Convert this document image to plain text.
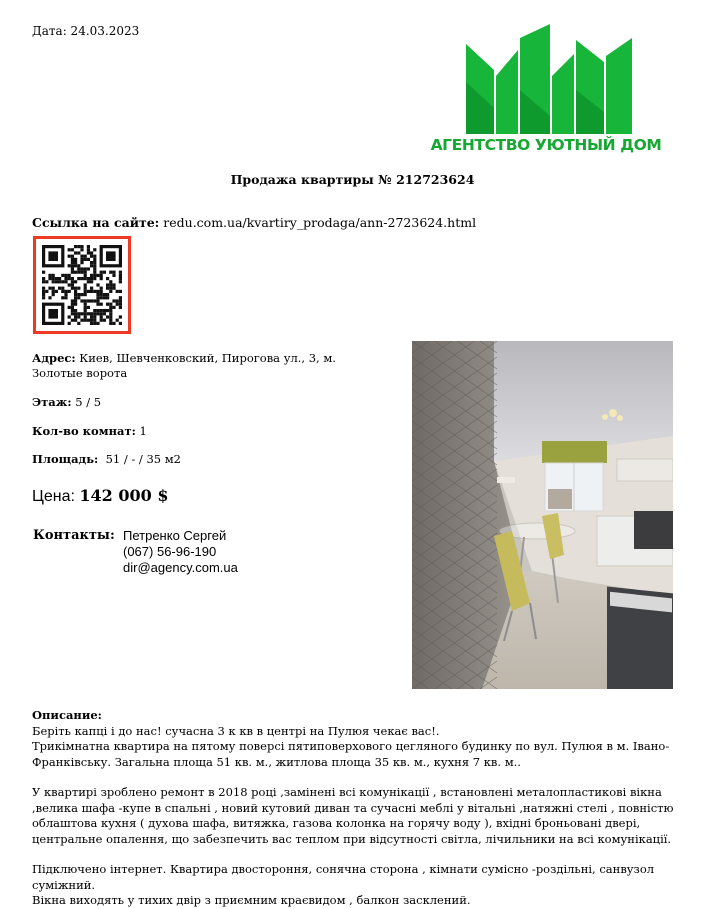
Дата: 24.03.2023
АГЕНТСТВО УЮТНЫЙ ДОМ
Продажа квартиры № 212723624
Ссылка на сайте: redu.com.ua/kvartiry_prodaga/ann-2723624.html
Адрес: Киев, Шевченковский, Пирогова ул., 3, м. Золотые ворота
Этаж: 5 / 5
Кол-во комнат: 1
Площадь: 51 / - / 35 м2
Цена: 142 000 $
Контакты: Петренко Сергей
(067) 56-96-190
dir@agency.com.ua

Описание:

Беріть капці і до нас! сучасна 3 к кв в центрі на Пулюя чекає вас!.

Трикімнатна квартира на пятому поверсі пятиповерхового цегляного будинку по вул. Пулюя в м. Івано-Франківську. Загальна площа 51 кв. м., житлова площа 35 кв. м., кухня 7 кв. м..

У квартирі зроблено ремонт в 2018 році ,замінені всі комунікації , встановлені металопластикові вікна ,велика шафа -купе в спальні , новий кутовий диван та сучасні меблі у вітальні ,натяжні стелі , повністю облаштова кухня ( духова шафа, витяжка, газова колонка на горячу воду ), вхідні броньовані двері, центральне опалення, що забезпечить вас теплом при відсутності світла, лічильники на всі комунікації.

Підключено інтернет. Квартира двостороння, сонячна сторона , кімнати сумісно -роздільні, санвузол суміжний.

Вікна виходять у тихих двір з приємним краєвидом , балкон засклений.
